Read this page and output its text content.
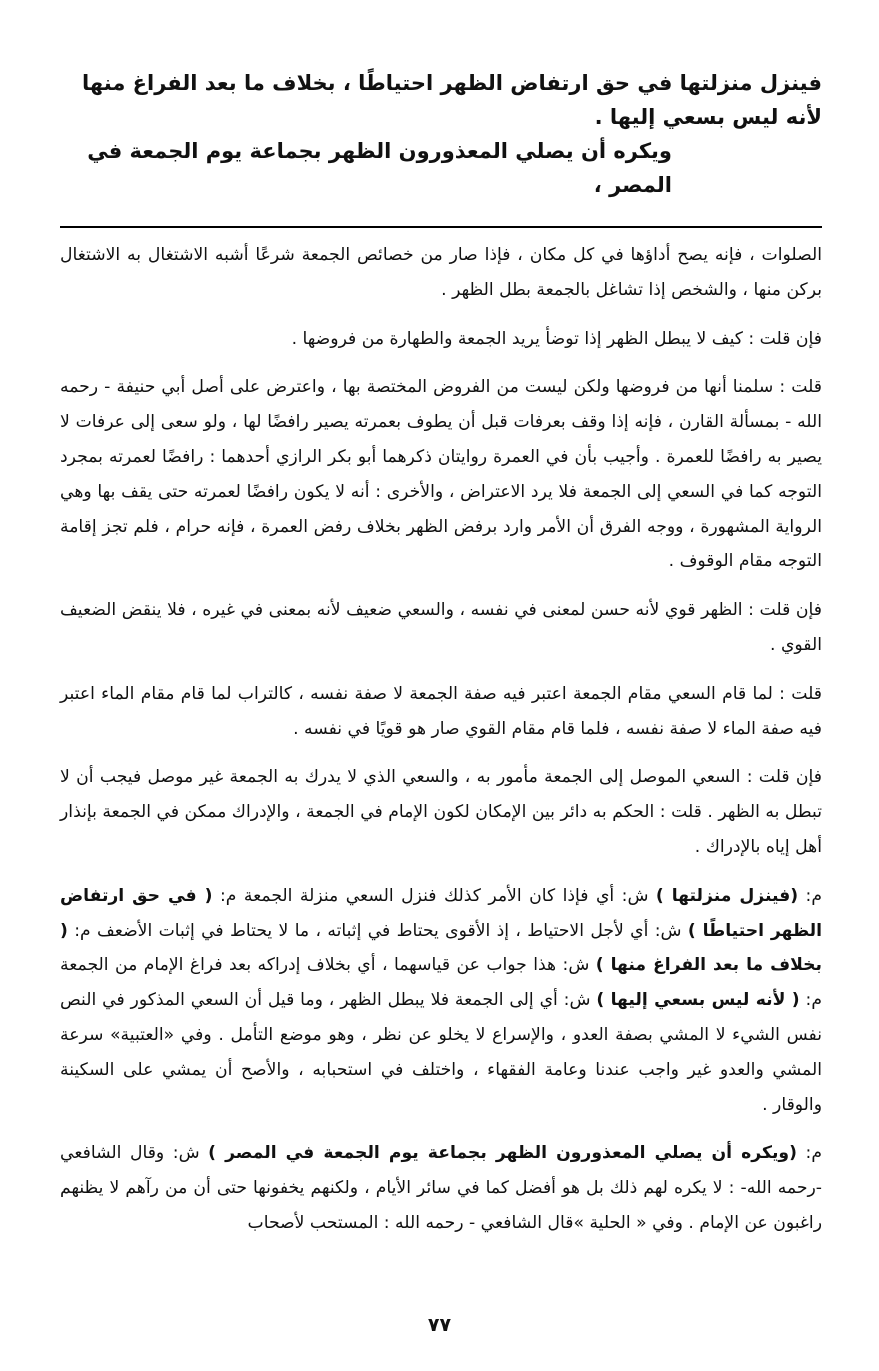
فينزل منزلتها في حق ارتفاض الظهر احتياطًا ، بخلاف ما بعد الفراغ منها لأنه ليس بسعي إليها .

ويكره أن يصلي المعذورون الظهر بجماعة يوم الجمعة في المصر ،

الصلوات ، فإنه يصح أداؤها في كل مكان ، فإذا صار من خصائص الجمعة شرعًا أشبه الاشتغال به الاشتغال بركن منها ، والشخص إذا تشاغل بالجمعة بطل الظهر .

فإن قلت : كيف لا يبطل الظهر إذا توضأ يريد الجمعة والطهارة من فروضها .

قلت : سلمنا أنها من فروضها ولكن ليست من الفروض المختصة بها ، واعترض على أصل أبي حنيفة - رحمه الله - بمسألة القارن ، فإنه إذا وقف بعرفات قبل أن يطوف بعمرته يصير رافضًا لها ، ولو سعى إلى عرفات لا يصير به رافضًا للعمرة . وأجيب بأن في العمرة روايتان ذكرهما أبو بكر الرازي أحدهما : رافضًا لعمرته بمجرد التوجه كما في السعي إلى الجمعة فلا يرد الاعتراض ، والأخرى : أنه لا يكون رافضًا لعمرته حتى يقف بها وهي الرواية المشهورة ، ووجه الفرق أن الأمر وارد برفض الظهر بخلاف رفض العمرة ، فإنه حرام ، فلم تجز إقامة التوجه مقام الوقوف .

فإن قلت : الظهر قوي لأنه حسن لمعنى في نفسه ، والسعي ضعيف لأنه بمعنى في غيره ، فلا ينقض الضعيف القوي .

قلت : لما قام السعي مقام الجمعة اعتبر فيه صفة الجمعة لا صفة نفسه ، كالتراب لما قام مقام الماء اعتبر فيه صفة الماء لا صفة نفسه ، فلما قام مقام القوي صار هو قويًا في نفسه .

فإن قلت : السعي الموصل إلى الجمعة مأمور به ، والسعي الذي لا يدرك به الجمعة غير موصل فيجب أن لا تبطل به الظهر . قلت : الحكم به دائر بين الإمكان لكون الإمام في الجمعة ، والإدراك ممكن في الجمعة بإنذار أهل إياه بالإدراك .

م: (فينزل منزلتها ) ش: أي فإذا كان الأمر كذلك فنزل السعي منزلة الجمعة م: ( في حق ارتفاض الظهر احتياطًا ) ش: أي لأجل الاحتياط ، إذ الأقوى يحتاط في إثباته ، ما لا يحتاط في إثبات الأضعف م: ( بخلاف ما بعد الفراغ منها ) ش: هذا جواب عن قياسهما ، أي بخلاف إدراكه بعد فراغ الإمام من الجمعة م: ( لأنه ليس بسعي إليها ) ش: أي إلى الجمعة فلا يبطل الظهر ، وما قيل أن السعي المذكور في النص نفس الشيء لا المشي بصفة العدو ، والإسراع لا يخلو عن نظر ، وهو موضع التأمل . وفي «العتبية» سرعة المشي والعدو غير واجب عندنا وعامة الفقهاء ، واختلف في استحبابه ، والأصح أن يمشي على السكينة والوقار .

م: (ويكره أن يصلي المعذورون الظهر بجماعة يوم الجمعة في المصر ) ش: وقال الشافعي -رحمه الله- : لا يكره لهم ذلك بل هو أفضل كما في سائر الأيام ، ولكنهم يخفونها حتى أن من رآهم لا يظنهم راغبون عن الإمام . وفي « الحلية »قال الشافعي - رحمه الله : المستحب لأصحاب

٧٧
